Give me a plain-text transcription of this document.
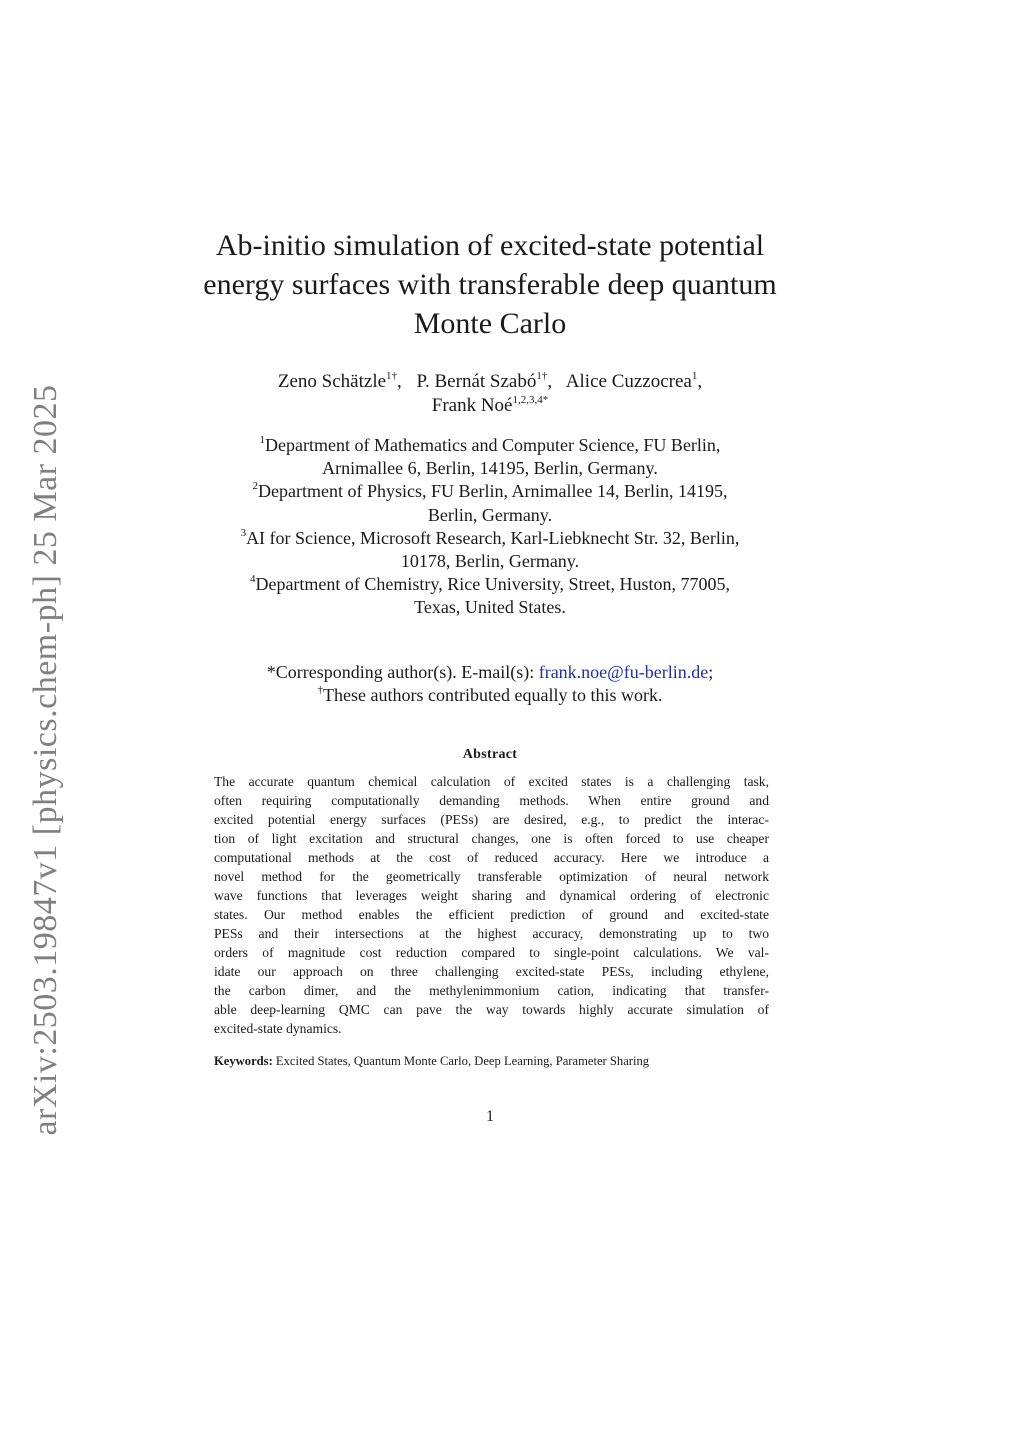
arXiv:2503.19847v1 [physics.chem-ph] 25 Mar 2025
Ab-initio simulation of excited-state potential
energy surfaces with transferable deep quantum
Monte Carlo
Zeno Schätzle$^{1\dagger}$, P. Bernát Szabó$^{1\dagger}$, Alice Cuzzocrea$^1$,
Frank Noé$^{1,2,3,4*}$
$^1$Department of Mathematics and Computer Science, FU Berlin,
Arnimallee 6, Berlin, 14195, Berlin, Germany.
$^2$Department of Physics, FU Berlin, Arnimallee 14, Berlin, 14195,
Berlin, Germany.
$^3$AI for Science, Microsoft Research, Karl-Liebknecht Str. 32, Berlin,
10178, Berlin, Germany.
$^4$Department of Chemistry, Rice University, Street, Huston, 77005,
Texas, United States.
*Corresponding author(s). E-mail(s): frank.noe@fu-berlin.de;
†These authors contributed equally to this work.
Abstract
The accurate quantum chemical calculation of excited states is a challenging task,
often requiring computationally demanding methods. When entire ground and
excited potential energy surfaces (PESs) are desired, e.g., to predict the interac-
tion of light excitation and structural changes, one is often forced to use cheaper
computational methods at the cost of reduced accuracy. Here we introduce a
novel method for the geometrically transferable optimization of neural network
wave functions that leverages weight sharing and dynamical ordering of electronic
states. Our method enables the efficient prediction of ground and excited-state
PESs and their intersections at the highest accuracy, demonstrating up to two
orders of magnitude cost reduction compared to single-point calculations. We val-
idate our approach on three challenging excited-state PESs, including ethylene,
the carbon dimer, and the methylenimmonium cation, indicating that transfer-
able deep-learning QMC can pave the way towards highly accurate simulation of
excited-state dynamics.
Keywords: Excited States, Quantum Monte Carlo, Deep Learning, Parameter Sharing
1
